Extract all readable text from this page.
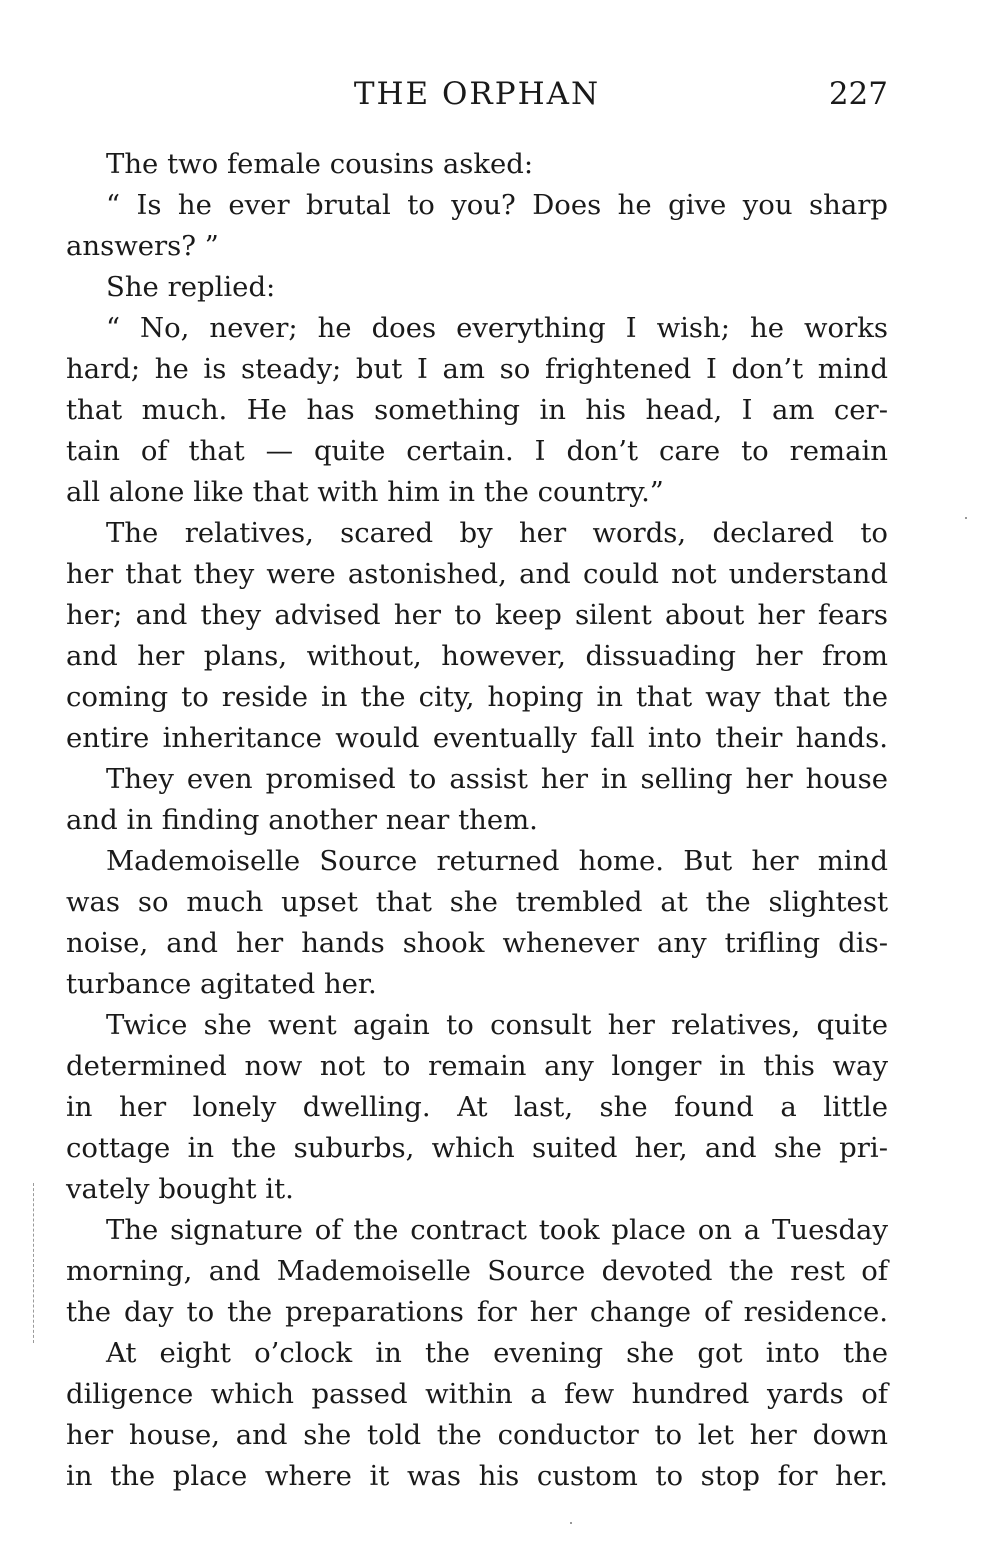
THE ORPHAN	227
The two female cousins asked:
“ Is he ever brutal to you? Does he give you sharp
answers? ”
She replied:
“ No, never; he does everything I wish; he works
hard; he is steady; but I am so frightened I don’t mind
that much. He has something in his head, I am cer-
tain of that — quite certain. I don’t care to remain
all alone like that with him in the country.”
The relatives, scared by her words, declared to
her that they were astonished, and could not understand
her; and they advised her to keep silent about her fears
and her plans, without, however, dissuading her from
coming to reside in the city, hoping in that way that the
entire inheritance would eventually fall into their hands.
They even promised to assist her in selling her house
and in finding another near them.
Mademoiselle Source returned home. But her mind
was so much upset that she trembled at the slightest
noise, and her hands shook whenever any trifling dis-
turbance agitated her.
Twice she went again to consult her relatives, quite
determined now not to remain any longer in this way
in her lonely dwelling. At last, she found a little
cottage in the suburbs, which suited her, and she pri-
vately bought it.
The signature of the contract took place on a Tuesday
morning, and Mademoiselle Source devoted the rest of
the day to the preparations for her change of residence.
At eight o’clock in the evening she got into the
diligence which passed within a few hundred yards of
her house, and she told the conductor to let her down
in the place where it was his custom to stop for her.
